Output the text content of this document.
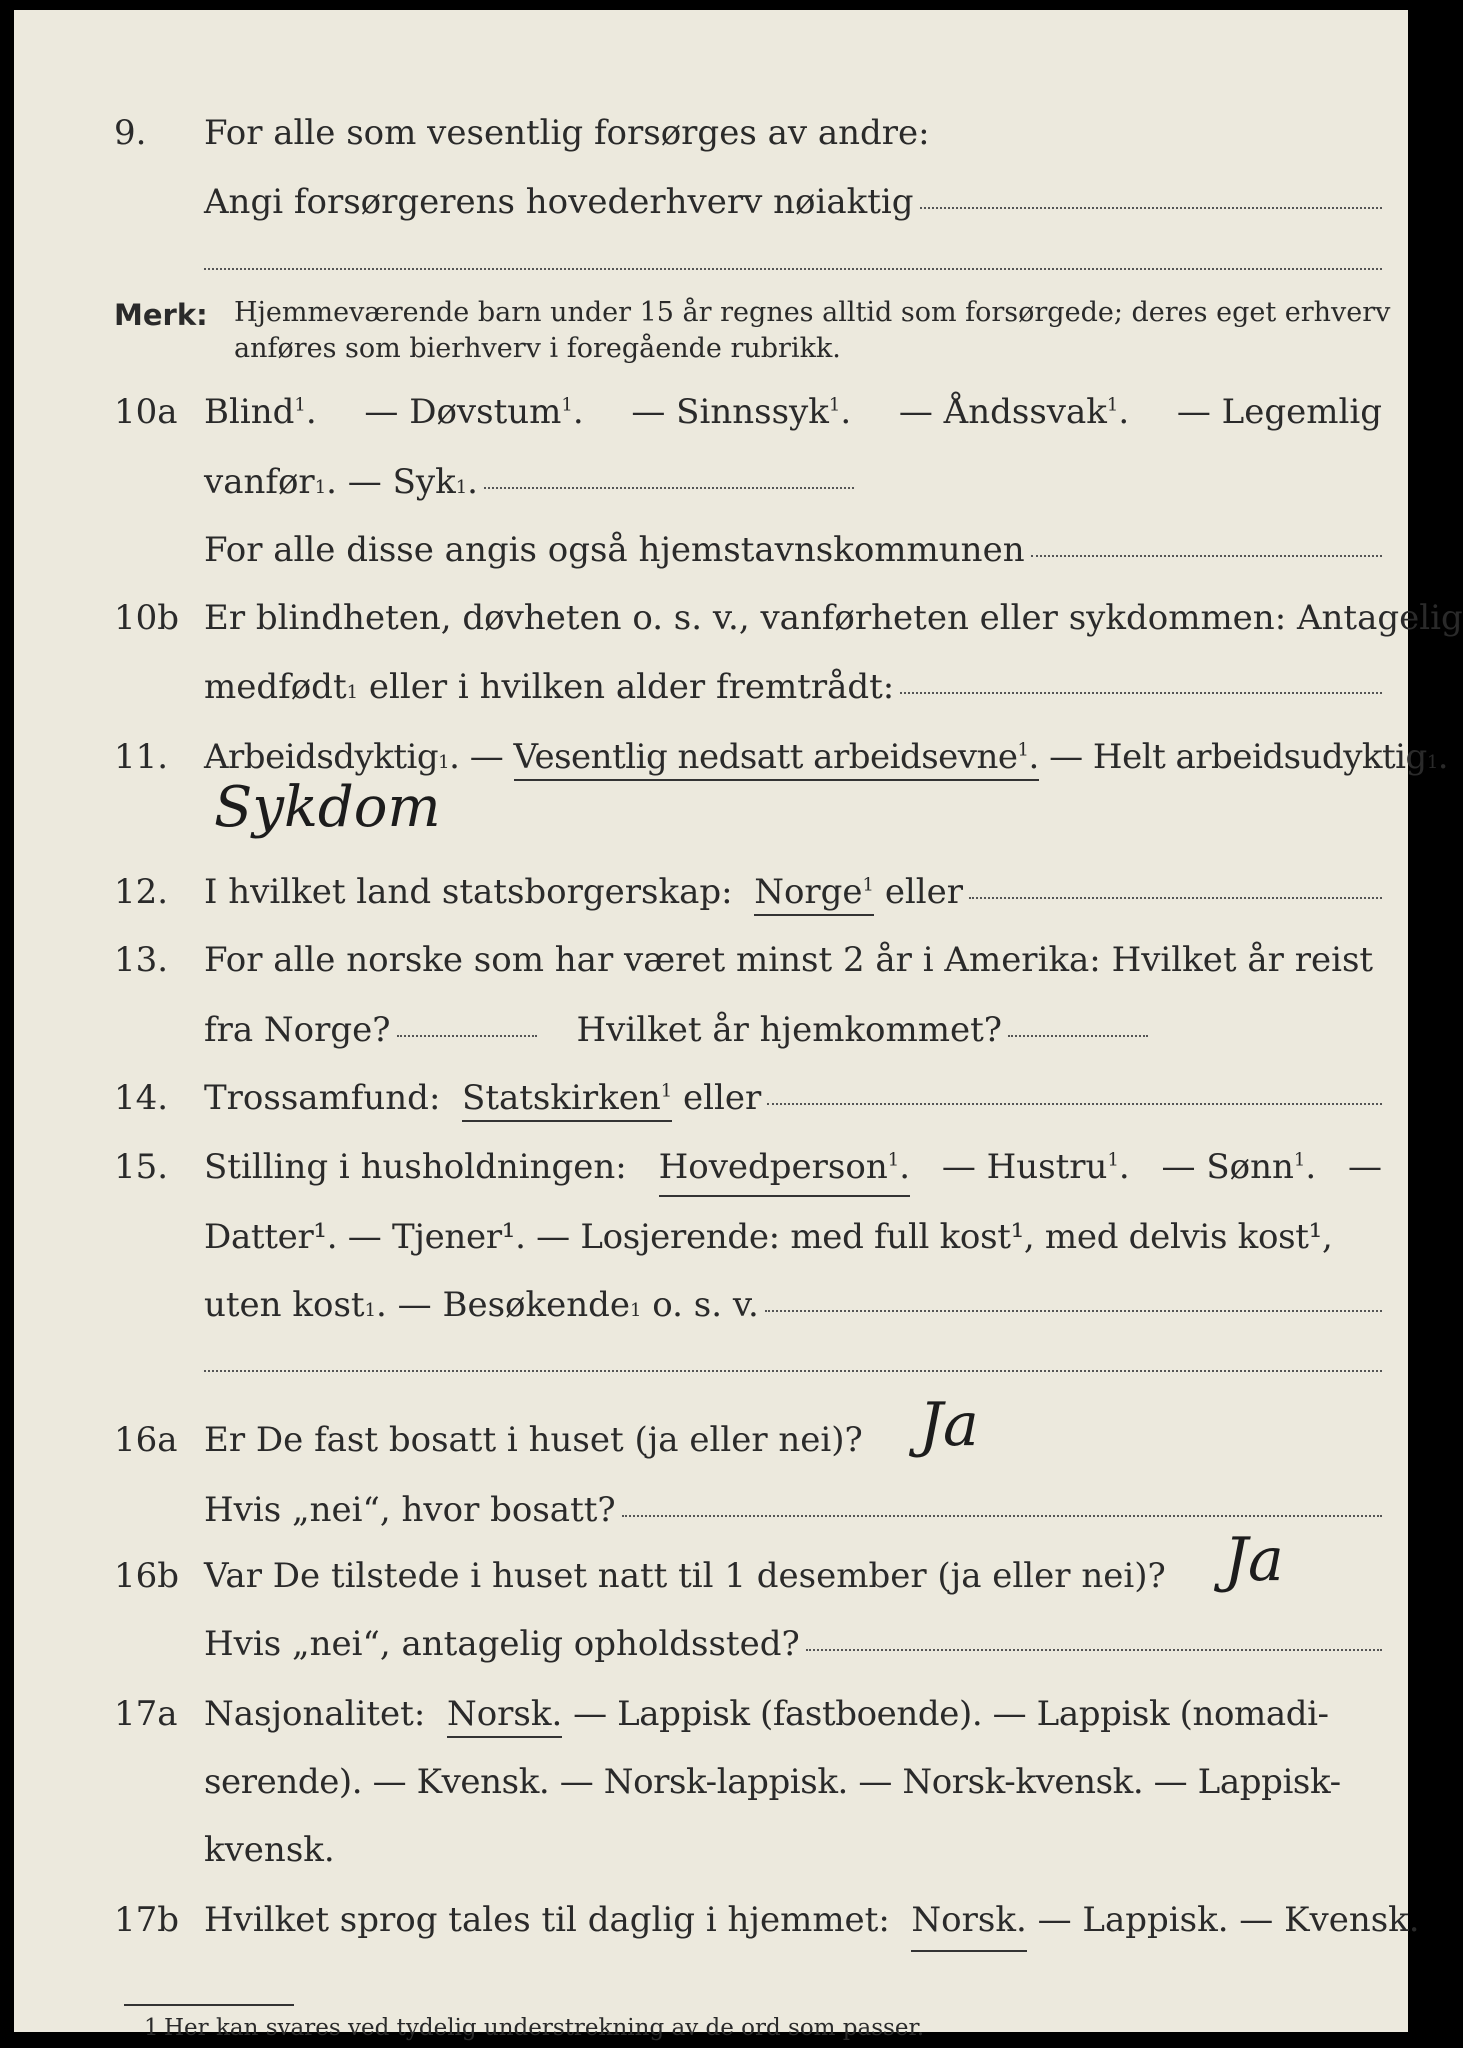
9. For alle som vesentlig forsørges av andre:
Angi forsørgerens hovederhverv nøiaktig
Merk: Hjemmeværende barn under 15 år regnes alltid som forsørgede; deres eget erhverv
anføres som bierhverv i foregående rubrikk.
10a Blind$^1$. — Døvstum$^1$. — Sinnssyk$^1$. — Åndssvak$^1$. — Legemlig
vanfør 1 . — Syk 1 .
For alle disse angis også hjemstavnskommunen
10b Er blindheten, døvheten o. s. v., vanførheten eller sykdommen: Antagelig
medfødt 1
eller i hvilken alder fremtrådt:
11. Arbeidsdyktig 1 . — Vesentlig nedsatt arbeidsevne$^1$.
— Helt arbeidsudyktig 1 .
Sykdom
12. I hvilket land statsborgerskap:
Norge$^1$
eller
13. For alle norske som har været minst 2 år i Amerika: Hvilket år reist
fra Norge?	Hvilket år hjemkommet?
14. Trossamfund:
Statskirken$^1$
eller
15. Stilling i husholdningen: Hovedperson$^1$. — Hustru$^1$. — Sønn$^1$. —
Datter¹. — Tjener¹. — Losjerende: med full kost¹, med delvis kost¹,
uten kost 1 . — Besøkende 1
o. s. v.
16a Er De fast bosatt i huset (ja eller nei)? Ja
Hvis „nei“, hvor bosatt?
16b Var De tilstede i huset natt til 1 desember (ja eller nei)? Ja
Hvis „nei“, antagelig opholdssted?
17a Nasjonalitet:
Norsk.
— Lappisk (fastboende). — Lappisk (nomadi-
serende). — Kvensk. — Norsk-lappisk. — Norsk-kvensk. — Lappisk-
kvensk.
17b Hvilket sprog tales til daglig i hjemmet:
Norsk.
— Lappisk. — Kvensk.
1 Her kan svares ved tydelig understrekning av de ord som passer.
